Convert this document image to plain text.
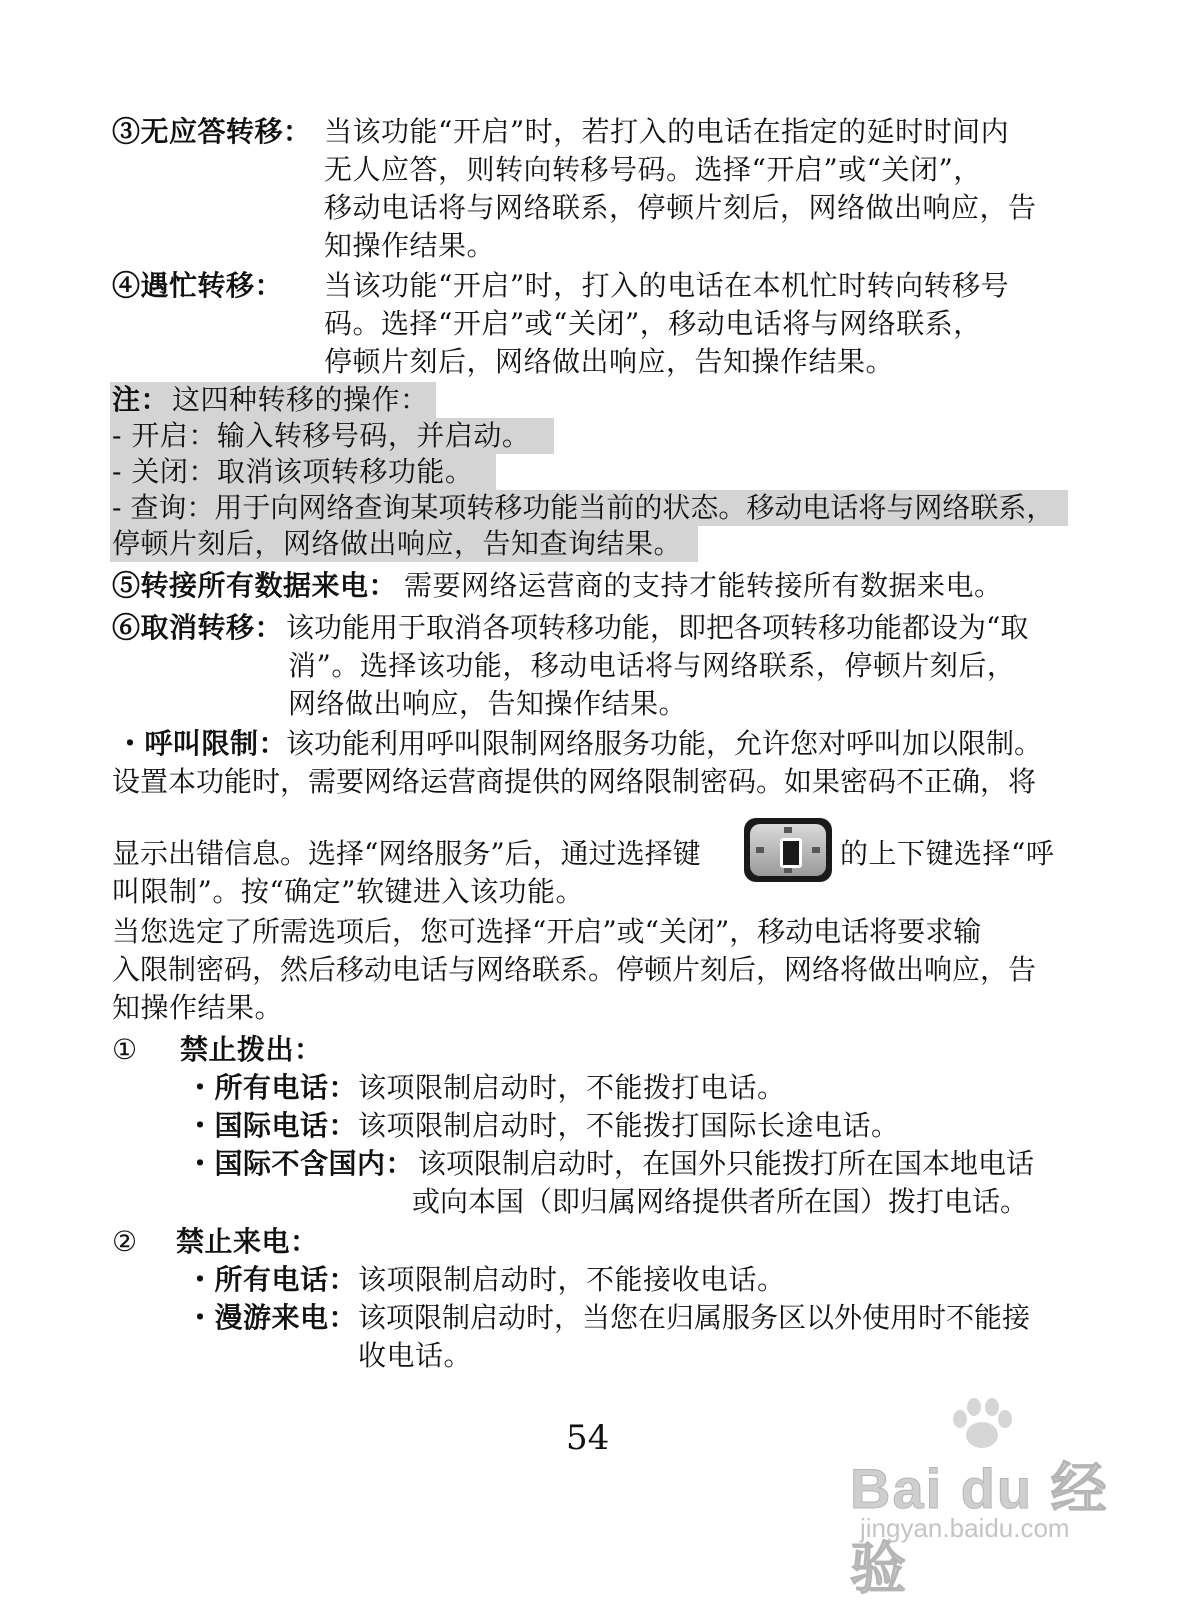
③无应答转移： 当该功能“开启”时，若打入的电话在指定的延时时间内
无人应答，则转向转移号码。选择“开启”或“关闭”，
移动电话将与网络联系，停顿片刻后，网络做出响应，告
知操作结果。
④遇忙转移： 当该功能“开启”时，打入的电话在本机忙时转向转移号
码。选择“开启”或“关闭”，移动电话将与网络联系，
停顿片刻后，网络做出响应，告知操作结果。
注： 这四种转移的操作：
- 开启：输入转移号码，并启动。
- 关闭：取消该项转移功能。
- 查询：用于向网络查询某项转移功能当前的状态。移动电话将与网络联系，
停顿片刻后，网络做出响应，告知查询结果。
⑤转接所有数据来电： 需要网络运营商的支持才能转接所有数据来电。
⑥取消转移： 该功能用于取消各项转移功能，即把各项转移功能都设为“取
消”。选择该功能，移动电话将与网络联系，停顿片刻后，
网络做出响应，告知操作结果。
・呼叫限制：
该功能利用呼叫限制网络服务功能，允许您对呼叫加以限制。
设置本功能时，需要网络运营商提供的网络限制密码。如果密码不正确，将
显示出错信息。选择“网络服务”后，通过选择键	的上下键选择“呼
叫限制”。按“确定”软键进入该功能。
当您选定了所需选项后，您可选择“开启”或“关闭”，移动电话将要求输
入限制密码，然后移动电话与网络联系。停顿片刻后，网络将做出响应，告
知操作结果。
① 禁止拨出：
・所有电话： 该项限制启动时，不能拨打电话。
・国际电话： 该项限制启动时，不能拨打国际长途电话。
・国际不含国内： 该项限制启动时，在国外只能拨打所在国本地电话
或向本国（即归属网络提供者所在国）拨打电话。
② 禁止来电：
・所有电话： 该项限制启动时，不能接收电话。
・漫游来电： 该项限制启动时，当您在归属服务区以外使用时不能接
收电话。
54
Bai du 经验
jingyan.baidu.com
